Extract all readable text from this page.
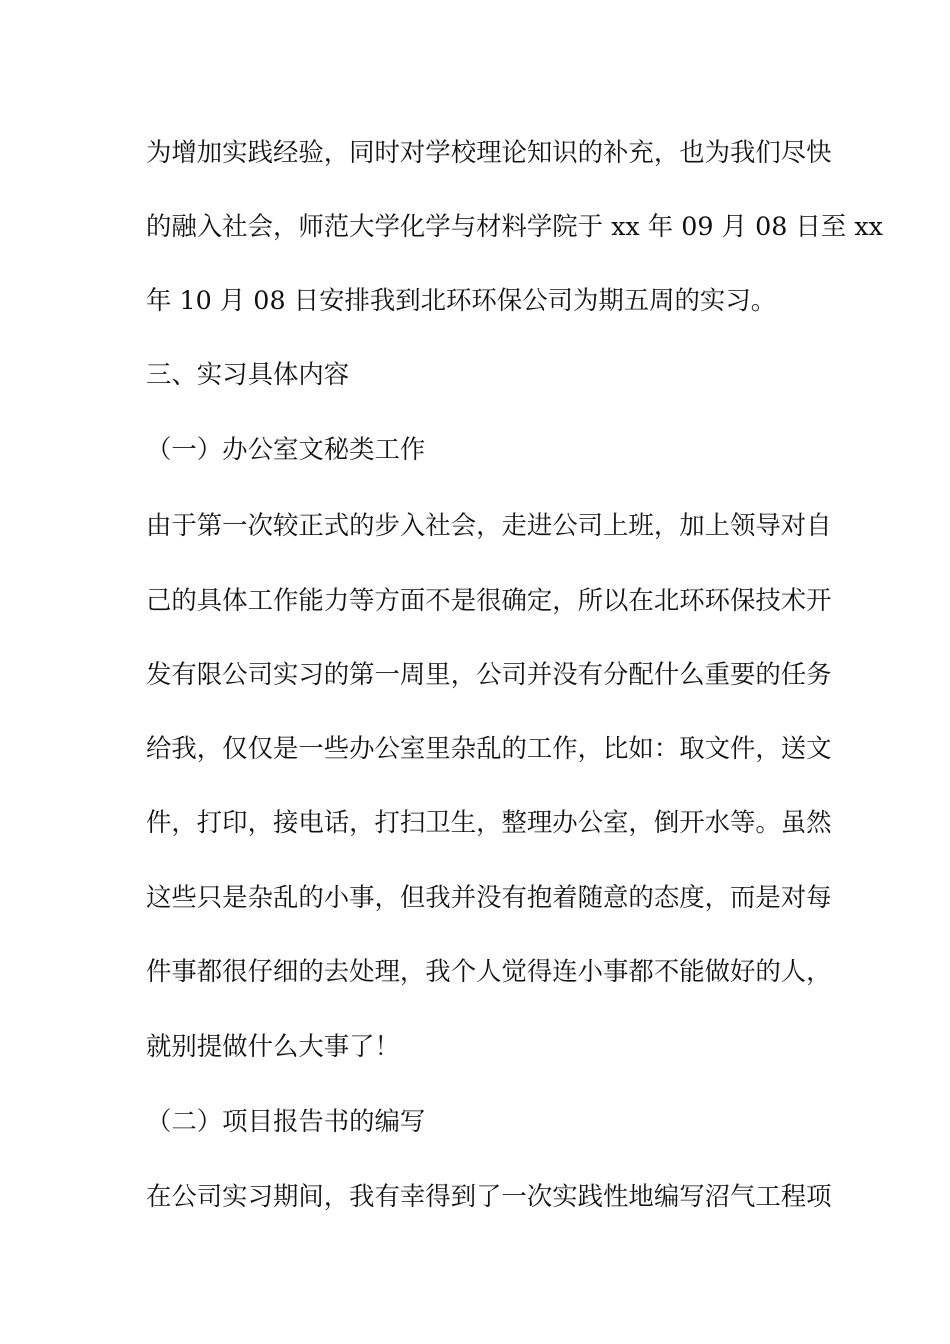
为增加实践经验，同时对学校理论知识的补充，也为我们尽快
的融入社会，师范大学化学与材料学院于 xx 年 09 月 08 日至 xx
年 10 月 08 日安排我到北环环保公司为期五周的实习。
三、实习具体内容
（一）办公室文秘类工作
由于第一次较正式的步入社会，走进公司上班，加上领导对自
己的具体工作能力等方面不是很确定，所以在北环环保技术开
发有限公司实习的第一周里，公司并没有分配什么重要的任务
给我，仅仅是一些办公室里杂乱的工作，比如：取文件，送文
件，打印，接电话，打扫卫生，整理办公室，倒开水等。虽然
这些只是杂乱的小事，但我并没有抱着随意的态度，而是对每
件事都很仔细的去处理，我个人觉得连小事都不能做好的人，
就别提做什么大事了！
（二）项目报告书的编写
在公司实习期间，我有幸得到了一次实践性地编写沼气工程项
